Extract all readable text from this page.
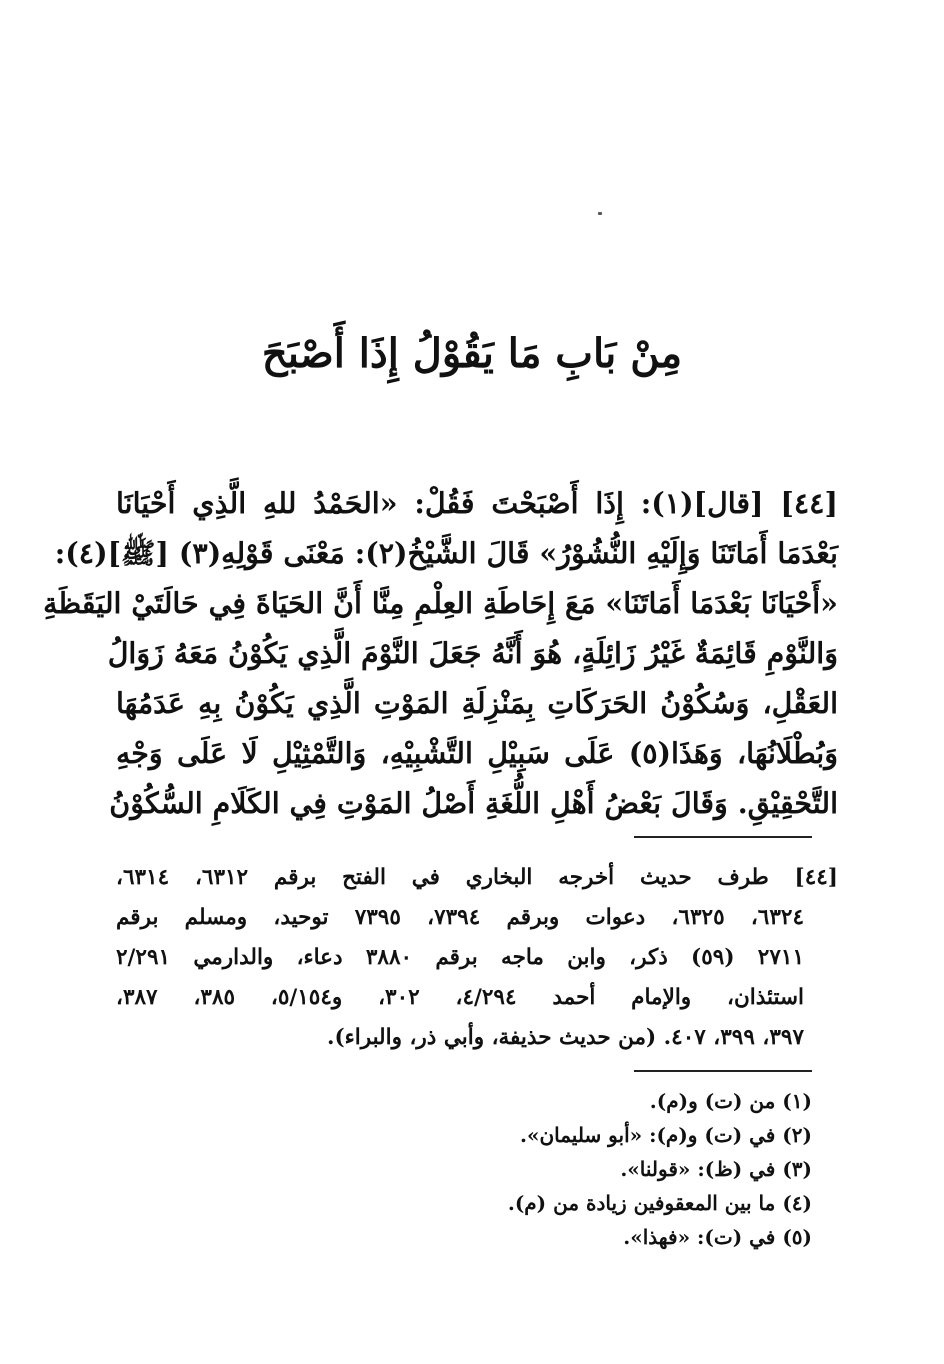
مِنْ بَابِ مَا يَقُوْلُ إِذَا أَصْبَحَ
[٤٤] [قال](١): إِذَا أَصْبَحْتَ فَقُلْ: «الحَمْدُ للهِ الَّذِي أَحْيَانَا
بَعْدَمَا أَمَاتَنَا وَإِلَيْهِ النُّشُوْرُ» قَالَ الشَّيْخُ(٢): مَعْنَى قَوْلِهِ(٣) [ﷺ](٤):
«أَحْيَانَا بَعْدَمَا أَمَاتَنَا» مَعَ إِحَاطَةِ العِلْمِ مِنَّا أَنَّ الحَيَاةَ فِي حَالَتَيْ اليَقَظَةِ
وَالنَّوْمِ قَائِمَةٌ غَيْرُ زَائِلَةٍ، هُوَ أَنَّهُ جَعَلَ النَّوْمَ الَّذِي يَكُوْنُ مَعَهُ زَوَالُ
العَقْلِ، وَسُكُوْنُ الحَرَكَاتِ بِمَنْزِلَةِ المَوْتِ الَّذِي يَكُوْنُ بِهِ عَدَمُهَا
وَبُطْلَانُهَا، وَهَذَا(٥) عَلَى سَبِيْلِ التَّشْبِيْهِ، وَالتَّمْثِيْلِ لَا عَلَى وَجْهِ
التَّحْقِيْقِ. وَقَالَ بَعْضُ أَهْلِ اللُّغَةِ أَصْلُ المَوْتِ فِي الكَلَامِ السُّكُوْنُ
[٤٤] طرف حديث أخرجه البخاري في الفتح برقم ٦٣١٢، ٦٣١٤،
٦٣٢٤، ٦٣٢٥، دعوات وبرقم ٧٣٩٤، ٧٣٩٥ توحيد، ومسلم برقم
٢٧١١ (٥٩) ذكر، وابن ماجه برقم ٣٨٨٠ دعاء، والدارمي ٢/٢٩١
استئذان، والإمام أحمد ٤/٢٩٤، ٣٠٢، و٥/١٥٤، ٣٨٥، ٣٨٧،
٣٩٧، ٣٩٩، ٤٠٧. (من حديث حذيفة، وأبي ذر، والبراء).
(١) من (ت) و(م).
(٢) في (ت) و(م): «أبو سليمان».
(٣) في (ظ): «قولنا».
(٤) ما بين المعقوفين زيادة من (م).
(٥) في (ت): «فهذا».
